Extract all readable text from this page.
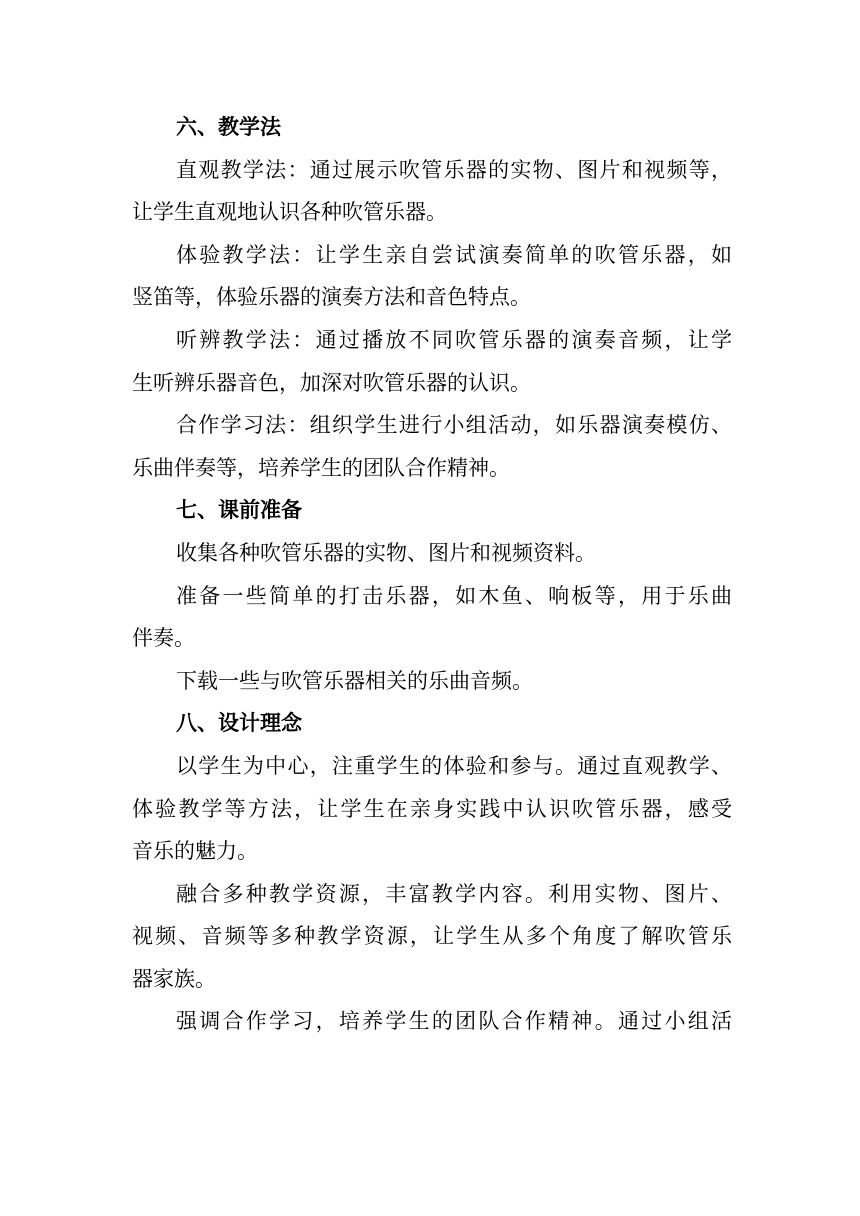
六、教学法

直观教学法：通过展示吹管乐器的实物、图片和视频等，

让学生直观地认识各种吹管乐器。

体验教学法：让学生亲自尝试演奏简单的吹管乐器，如

竖笛等，体验乐器的演奏方法和音色特点。

听辨教学法：通过播放不同吹管乐器的演奏音频，让学

生听辨乐器音色，加深对吹管乐器的认识。

合作学习法：组织学生进行小组活动，如乐器演奏模仿、

乐曲伴奏等，培养学生的团队合作精神。

七、课前准备

收集各种吹管乐器的实物、图片和视频资料。

准备一些简单的打击乐器，如木鱼、响板等，用于乐曲

伴奏。

下载一些与吹管乐器相关的乐曲音频。

八、设计理念

以学生为中心，注重学生的体验和参与。通过直观教学、

体验教学等方法，让学生在亲身实践中认识吹管乐器，感受

音乐的魅力。

融合多种教学资源，丰富教学内容。利用实物、图片、

视频、音频等多种教学资源，让学生从多个角度了解吹管乐

器家族。

强调合作学习，培养学生的团队合作精神。通过小组活
